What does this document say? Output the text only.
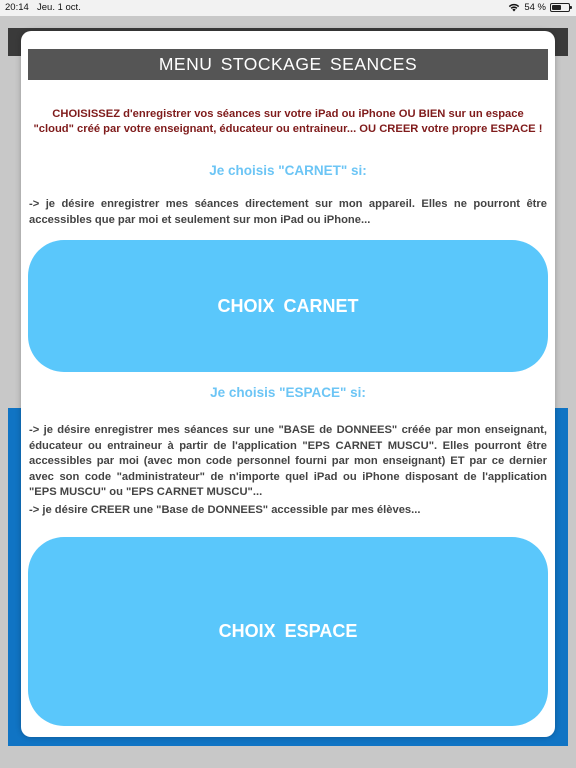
20:14 Jeu. 1 oct.	54 %
MENU STOCKAGE SEANCES
CHOISISSEZ d'enregistrer vos séances sur votre iPad ou iPhone OU BIEN sur un espace "cloud" créé par votre enseignant, éducateur ou entraineur... OU CREER votre propre ESPACE !
Je choisis "CARNET" si:
-> je désire enregistrer mes séances directement sur mon appareil. Elles ne pourront être accessibles que par moi et seulement sur mon iPad ou iPhone...
CHOIX CARNET
Je choisis "ESPACE" si:
-> je désire enregistrer mes séances sur une "BASE de DONNEES" créée par mon enseignant, éducateur ou entraineur à partir de l'application "EPS CARNET MUSCU". Elles pourront être accessibles par moi (avec mon code personnel fourni par mon enseignant) ET par ce dernier avec son code "administrateur" de n'importe quel iPad ou iPhone disposant de l'application "EPS MUSCU" ou "EPS CARNET MUSCU"...
-> je désire CREER une "Base de DONNEES" accessible par mes élèves...
CHOIX ESPACE
